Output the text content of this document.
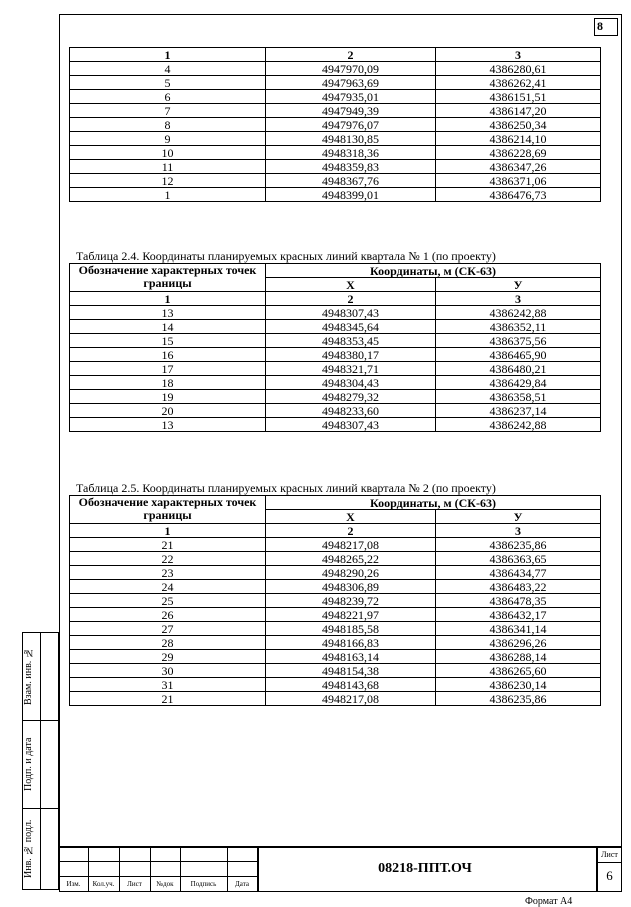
8
1	2	3
4	4947970,09	4386280,61
5	4947963,69	4386262,41
6	4947935,01	4386151,51
7	4947949,39	4386147,20
8	4947976,07	4386250,34
9	4948130,85	4386214,10
10	4948318,36	4386228,69
11	4948359,83	4386347,26
12	4948367,76	4386371,06
1	4948399,01	4386476,73
Таблица 2.4. Координаты планируемых красных линий квартала № 1 (по проекту)
Обозначение характерных точек границы	Координаты, м (СК-63)	
	Х	У
1	2	3
13	4948307,43	4386242,88
14	4948345,64	4386352,11
15	4948353,45	4386375,56
16	4948380,17	4386465,90
17	4948321,71	4386480,21
18	4948304,43	4386429,84
19	4948279,32	4386358,51
20	4948233,60	4386237,14
13	4948307,43	4386242,88
Таблица 2.5. Координаты планируемых красных линий квартала № 2 (по проекту)
Обозначение характерных точек границы	Координаты, м (СК-63)	
	Х	У
1	2	3
21	4948217,08	4386235,86
22	4948265,22	4386363,65
23	4948290,26	4386434,77
24	4948306,89	4386483,22
25	4948239,72	4386478,35
26	4948221,97	4386432,17
27	4948185,58	4386341,14
28	4948166,83	4386296,26
29	4948163,14	4386288,14
30	4948154,38	4386265,60
31	4948143,68	4386230,14
21	4948217,08	4386235,86
Взам. инв. №
Подп. и дата
Инв. № подл.
Изм.	Кол.уч.	Лист	№док	Подпись	Дата
08218-ППТ.ОЧ
Лист
6
Формат А4
